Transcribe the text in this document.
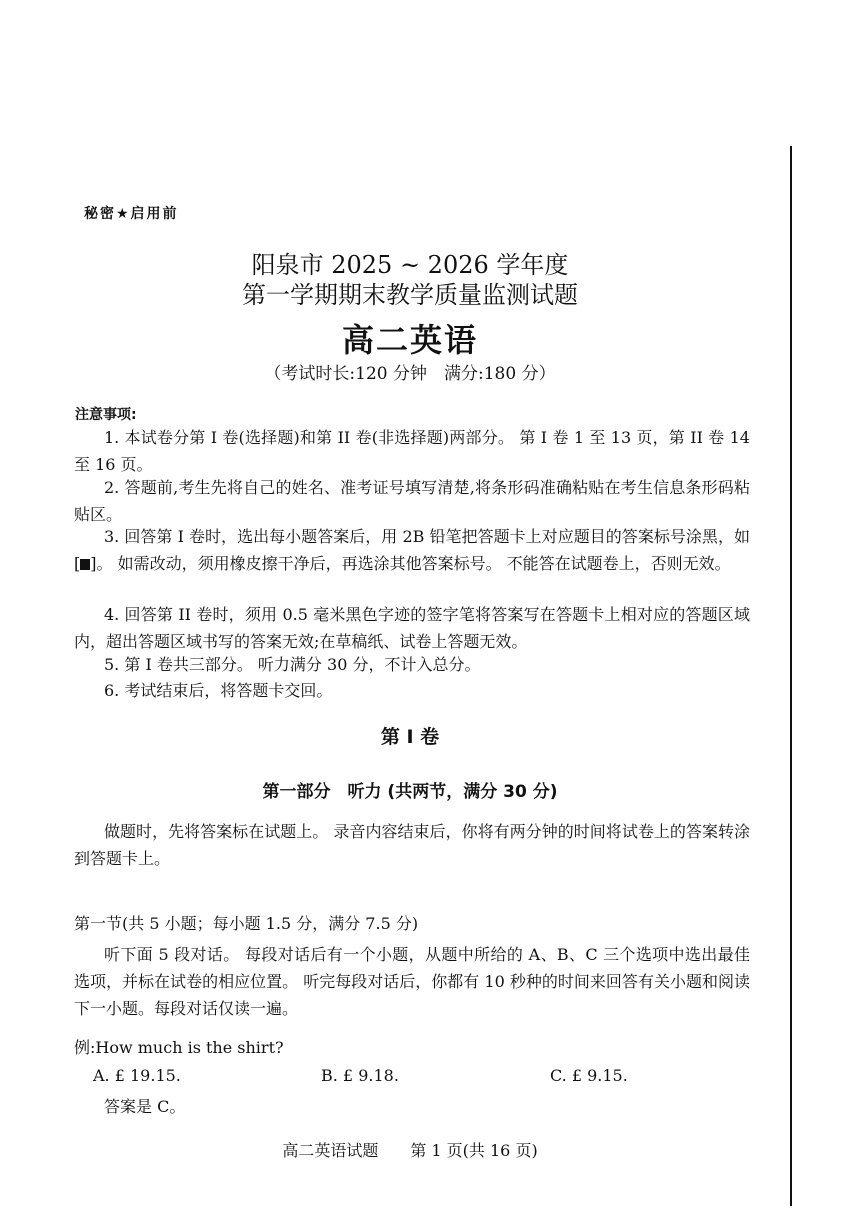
秘密★启用前
阳泉市 2025 ~ 2026 学年度
第一学期期末教学质量监测试题
高二英语
（考试时长:120 分钟　满分:180 分）
注意事项:
1. 本试卷分第 I 卷(选择题)和第 II 卷(非选择题)两部分。 第 I 卷 1 至 13 页，第 II 卷 14 至 16 页。
2. 答题前,考生先将自己的姓名、准考证号填写清楚,将条形码准确粘贴在考生信息条形码粘贴区。
3. 回答第 I 卷时，选出每小题答案后，用 2B 铅笔把答题卡上对应题目的答案标号涂黑，如 [ ]。 如需改动，须用橡皮擦干净后，再选涂其他答案标号。 不能答在试题卷上，否则无效。
4. 回答第 II 卷时，须用 0.5 毫米黑色字迹的签字笔将答案写在答题卡上相对应的答题区域内，超出答题区域书写的答案无效;在草稿纸、试卷上答题无效。
5. 第 I 卷共三部分。 听力满分 30 分，不计入总分。
6. 考试结束后，将答题卡交回。
第 I 卷
第一部分　听力 (共两节，满分 30 分)
做题时，先将答案标在试题上。 录音内容结束后，你将有两分钟的时间将试卷上的答案转涂到答题卡上。
第一节(共 5 小题；每小题 1.5 分，满分 7.5 分)
听下面 5 段对话。 每段对话后有一个小题，从题中所给的 A、B、C 三个选项中选出最佳选项，并标在试卷的相应位置。 听完每段对话后，你都有 10 秒种的时间来回答有关小题和阅读下一小题。每段对话仅读一遍。
例:How much is the shirt?
A. £ 19.15.	B. £ 9.18.	C. £ 9.15.
答案是 C。
高二英语试题　　第 1 页(共 16 页)
